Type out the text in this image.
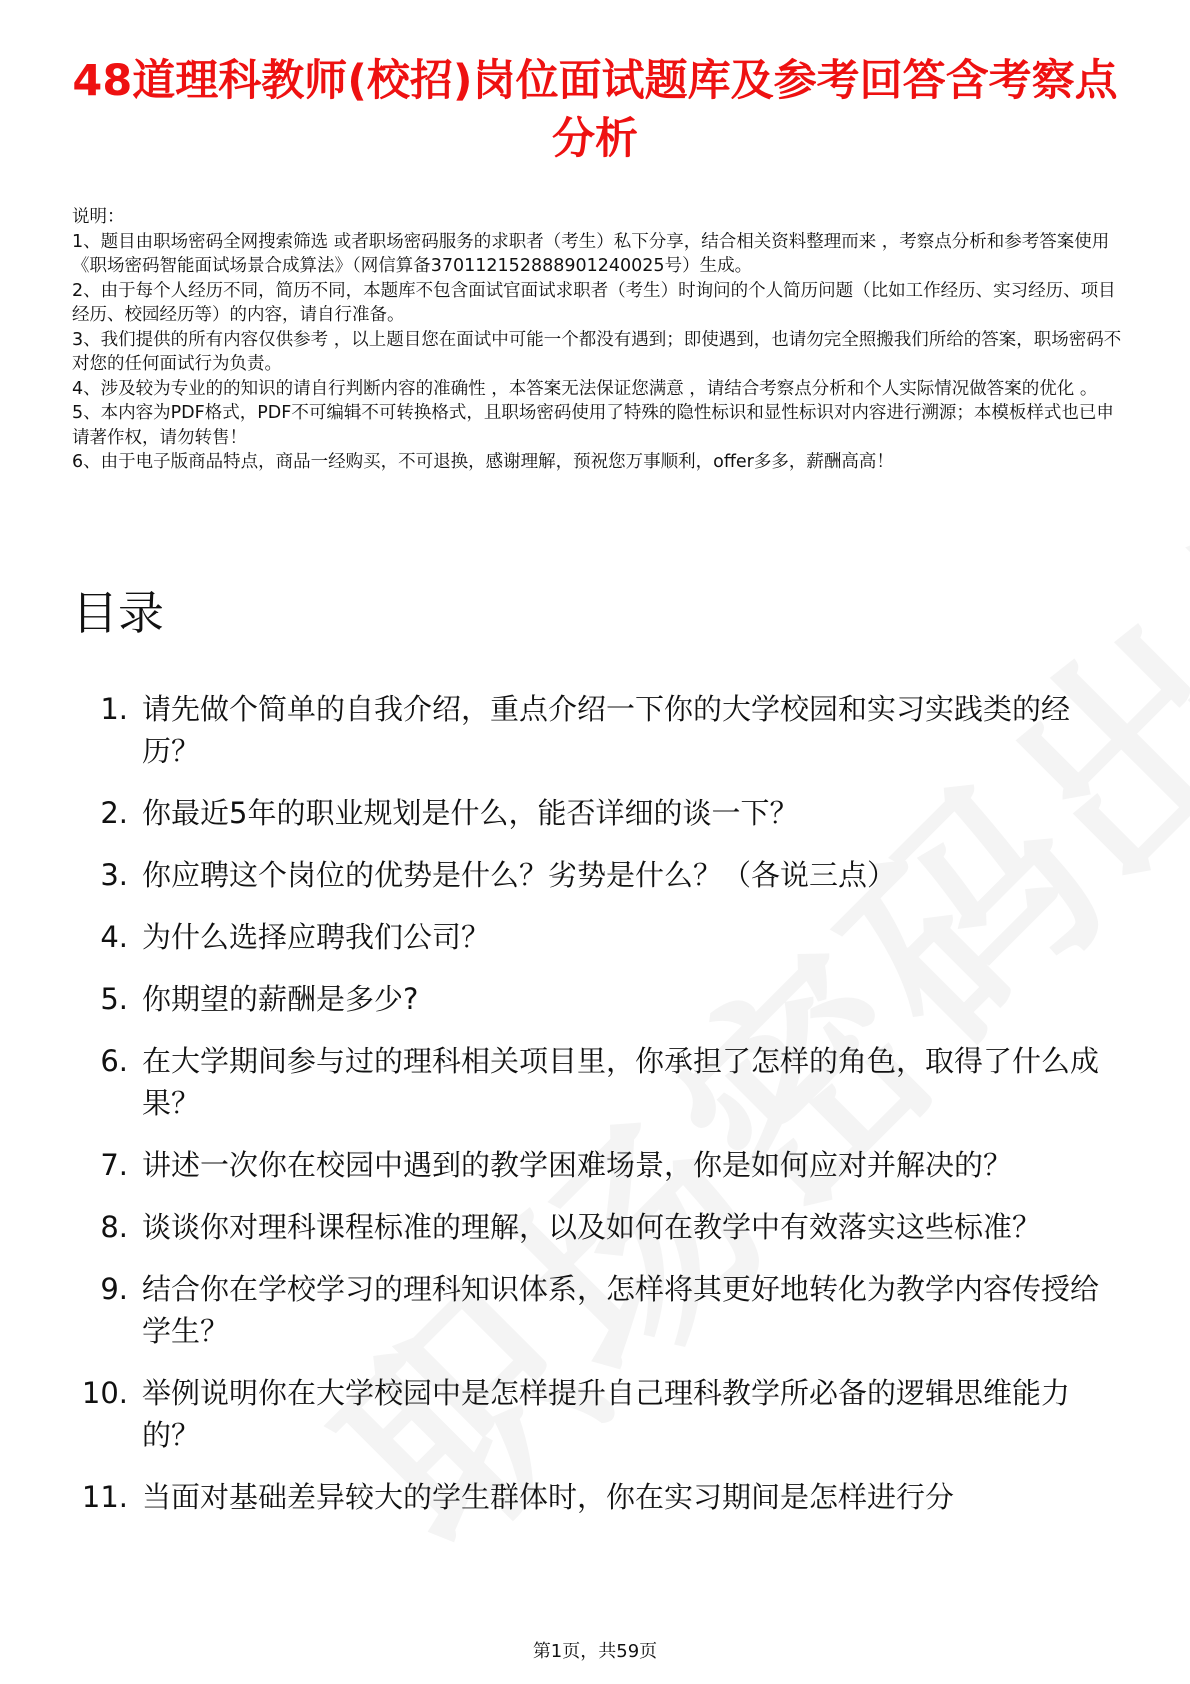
48道理科教师(校招)岗位面试题库及参考回答含考察点分析

说明：

1、题目由职场密码全网搜索筛选 或者职场密码服务的求职者（考生）私下分享，结合相关资料整理而来 ，考察点分析和参考答案使用《职场密码智能面试场景合成算法》（网信算备370112152888901240025号）生成。

2、由于每个人经历不同，简历不同，本题库不包含面试官面试求职者（考生）时询问的个人简历问题（比如工作经历、实习经历、项目经历、校园经历等）的内容，请自行准备。

3、我们提供的所有内容仅供参考 ，以上题目您在面试中可能一个都没有遇到；即使遇到，也请勿完全照搬我们所给的答案，职场密码不对您的任何面试行为负责。

4、涉及较为专业的的知识的请自行判断内容的准确性 ，本答案无法保证您满意 ，请结合考察点分析和个人实际情况做答案的优化 。

5、本内容为PDF格式，PDF不可编辑不可转换格式，且职场密码使用了特殊的隐性标识和显性标识对内容进行溯源；本模板样式也已申请著作权，请勿转售！

6、由于电子版商品特点，商品一经购买，不可退换，感谢理解，预祝您万事顺利，offer多多，薪酬高高！

目录
1. 请先做个简单的自我介绍，重点介绍一下你的大学校园和实习实践类的经历？
2. 你最近5年的职业规划是什么，能否详细的谈一下？
3. 你应聘这个岗位的优势是什么？劣势是什么？（各说三点）
4. 为什么选择应聘我们公司？
5. 你期望的薪酬是多少?
6. 在大学期间参与过的理科相关项目里，你承担了怎样的角色，取得了什么成果？
7. 讲述一次你在校园中遇到的教学困难场景，你是如何应对并解决的？
8. 谈谈你对理科课程标准的理解，以及如何在教学中有效落实这些标准？
9. 结合你在学校学习的理科知识体系，怎样将其更好地转化为教学内容传授给学生？
10. 举例说明你在大学校园中是怎样提升自己理科教学所必备的逻辑思维能力的？
11. 当面对基础差异较大的学生群体时，你在实习期间是怎样进行分
第1页，共59页
